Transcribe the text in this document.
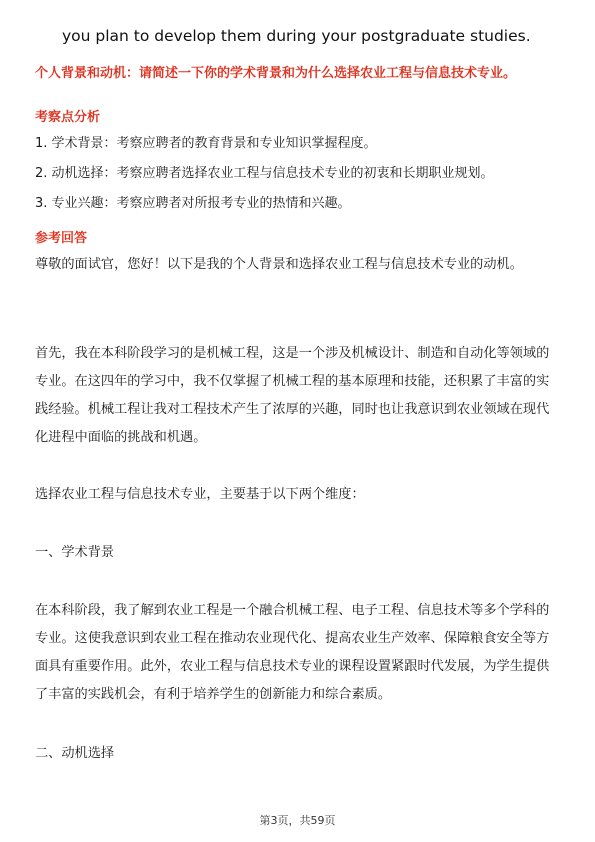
you plan to develop them during your postgraduate studies.

个人背景和动机：请简述一下你的学术背景和为什么选择农业工程与信息技术专业。

考察点分析

1. 学术背景：考察应聘者的教育背景和专业知识掌握程度。

2. 动机选择：考察应聘者选择农业工程与信息技术专业的初衷和长期职业规划。

3. 专业兴趣：考察应聘者对所报考专业的热情和兴趣。

参考回答

尊敬的面试官，您好！以下是我的个人背景和选择农业工程与信息技术专业的动机。

首先，我在本科阶段学习的是机械工程，这是一个涉及机械设计、制造和自动化等领域的专业。在这四年的学习中，我不仅掌握了机械工程的基本原理和技能，还积累了丰富的实践经验。机械工程让我对工程技术产生了浓厚的兴趣，同时也让我意识到农业领域在现代化进程中面临的挑战和机遇。

选择农业工程与信息技术专业，主要基于以下两个维度：

一、学术背景

在本科阶段，我了解到农业工程是一个融合机械工程、电子工程、信息技术等多个学科的专业。这使我意识到农业工程在推动农业现代化、提高农业生产效率、保障粮食安全等方面具有重要作用。此外，农业工程与信息技术专业的课程设置紧跟时代发展，为学生提供了丰富的实践机会，有利于培养学生的创新能力和综合素质。

二、动机选择

第3页，共59页
